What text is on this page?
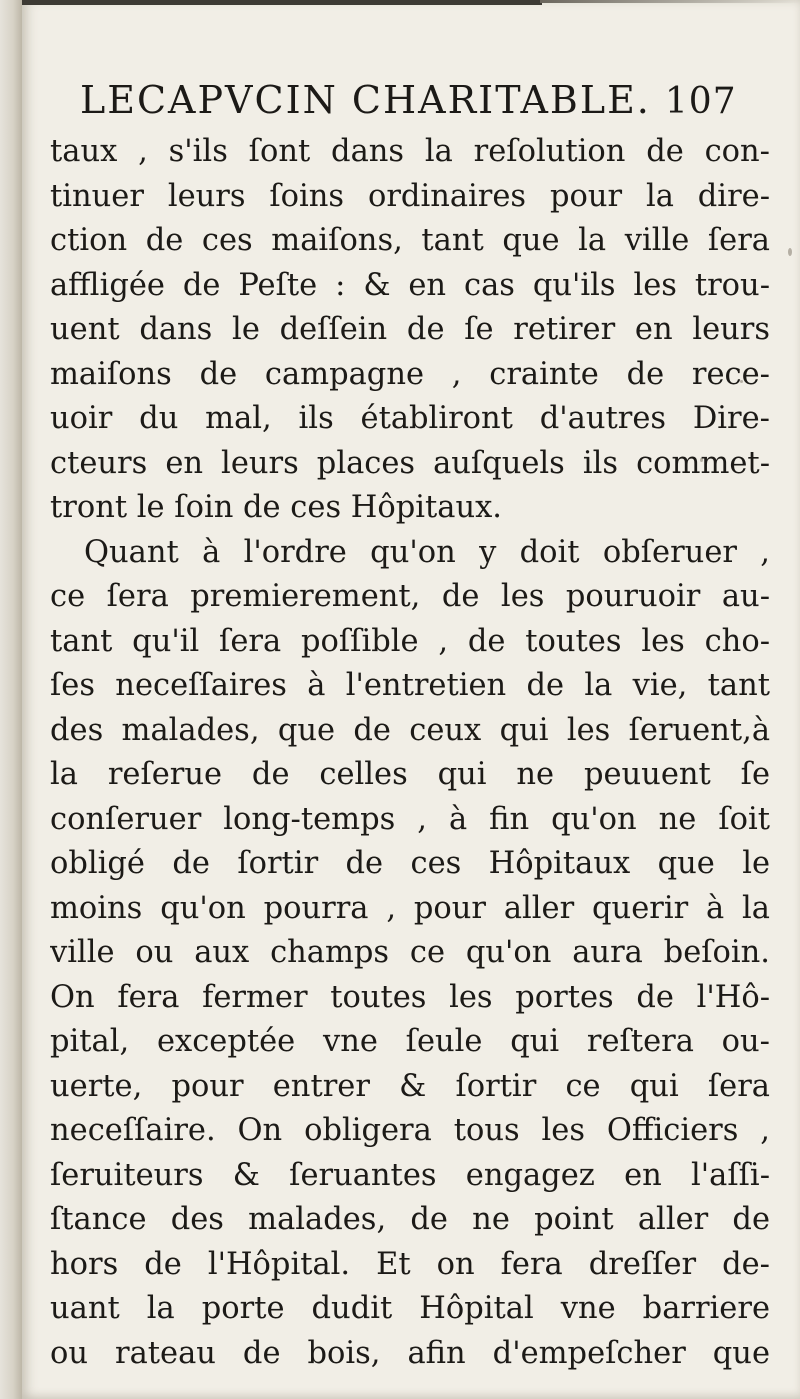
LECAPVCIN CHARITABLE. 107
taux , s'ils ſont dans la reſolution de con-
tinuer leurs ſoins ordinaires pour la dire-
ction de ces maiſons, tant que la ville ſera
affligée de Peſte : & en cas qu'ils les trou-
uent dans le deſſein de ſe retirer en leurs
maiſons de campagne , crainte de rece-
uoir du mal, ils établiront d'autres Dire-
cteurs en leurs places auſquels ils commet-
tront le ſoin de ces Hôpitaux.
Quant à l'ordre qu'on y doit obſeruer ,
ce ſera premierement, de les pouruoir au-
tant qu'il ſera poſſible , de toutes les cho-
ſes neceſſaires à l'entretien de la vie, tant
des malades, que de ceux qui les ſeruent,à
la reſerue de celles qui ne peuuent ſe
conſeruer long-temps , à fin qu'on ne ſoit
obligé de ſortir de ces Hôpitaux que le
moins qu'on pourra , pour aller querir à la
ville ou aux champs ce qu'on aura beſoin.
On fera fermer toutes les portes de l'Hô-
pital, exceptée vne ſeule qui reſtera ou-
uerte, pour entrer & ſortir ce qui ſera
neceſſaire. On obligera tous les Officiers ,
ſeruiteurs & ſeruantes engagez en l'aſſi-
ſtance des malades, de ne point aller de
hors de l'Hôpital. Et on fera dreſſer de-
uant la porte dudit Hôpital vne barriere
ou rateau de bois, afin d'empeſcher que
